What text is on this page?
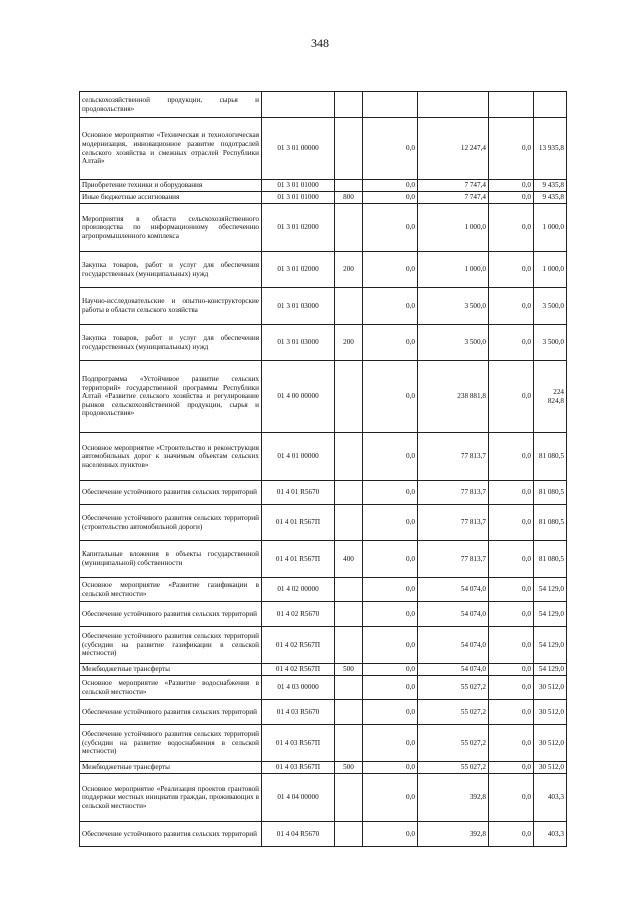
348
сельскохозяйственной продукции, сырья и продовольствия»						
Основное мероприятие «Техническая и технологическая модернизация, инновационное развитие подотраслей сельского хозяйства и смежных отраслей Республики Алтай»	01 3 01 00000		0,0	12 247,4	0,0	13 935,8
Приобретение техники и оборудования	01 3 01 01000		0,0	7 747,4	0,0	9 435,8
Иные бюджетные ассигнования	01 3 01 01000	800	0,0	7 747,4	0,0	9 435,8
Мероприятия в области сельскохозяйственного производства по информационному обеспечению агропромышленного комплекса	01 3 01 02000		0,0	1 000,0	0,0	1 000,0
Закупка товаров, работ и услуг для обеспечения государственных (муниципальных) нужд	01 3 01 02000	200	0,0	1 000,0	0,0	1 000,0
Научно-исследовательские и опытно-конструкторские работы в области сельского хозяйства	01 3 01 03000		0,0	3 500,0	0,0	3 500,0
Закупка товаров, работ и услуг для обеспечения государственных (муниципальных) нужд	01 3 01 03000	200	0,0	3 500,0	0,0	3 500,0
Подпрограмма «Устойчивое развитие сельских территорий» государственной программы Республики Алтай «Развитие сельского хозяйства и регулирование рынков сельскохозяйственной продукции, сырья и продовольствия»	01 4 00 00000		0,0	238 881,8	0,0	224 824,8
Основное мероприятие «Строительство и реконструкция автомобильных дорог к значимым объектам сельских населенных пунктов»	01 4 01 00000		0,0	77 813,7	0,0	81 080,5
Обеспечение устойчивого развития сельских территорий	01 4 01 R5670		0,0	77 813,7	0,0	81 080,5
Обеспечение устойчивого развития сельских территорий (строительство автомобильной дороги)	01 4 01 R567П		0,0	77 813,7	0,0	81 080,5
Капитальные вложения в объекты государственной (муниципальной) собственности	01 4 01 R567П	400	0,0	77 813,7	0,0	81 080,5
Основное мероприятие «Развитие газификации в сельской местности»	01 4 02 00000		0,0	54 074,0	0,0	54 129,0
Обеспечение устойчивого развития сельских территорий	01 4 02 R5670		0,0	54 074,0	0,0	54 129,0
Обеспечение устойчивого развития сельских территорий (субсидии на развитие газификации в сельской местности)	01 4 02 R567П		0,0	54 074,0	0,0	54 129,0
Межбюджетные трансферты	01 4 02 R567П	500	0,0	54 074,0	0,0	54 129,0
Основное мероприятие «Развитие водоснабжения в сельской местности»	01 4 03 00000		0,0	55 027,2	0,0	30 512,0
Обеспечение устойчивого развития сельских территорий	01 4 03 R5670		0,0	55 027,2	0,0	30 512,0
Обеспечение устойчивого развития сельских территорий (субсидии на развитие водоснабжения в сельской местности)	01 4 03 R567П		0,0	55 027,2	0,0	30 512,0
Межбюджетные трансферты	01 4 03 R567П	500	0,0	55 027,2	0,0	30 512,0
Основное мероприятие «Реализация проектов грантовой поддержки местных инициатив граждан, проживающих в сельской местности»	01 4 04 00000		0,0	392,8	0,0	403,3
Обеспечение устойчивого развития сельских территорий	01 4 04 R5670		0,0	392,8	0,0	403,3
